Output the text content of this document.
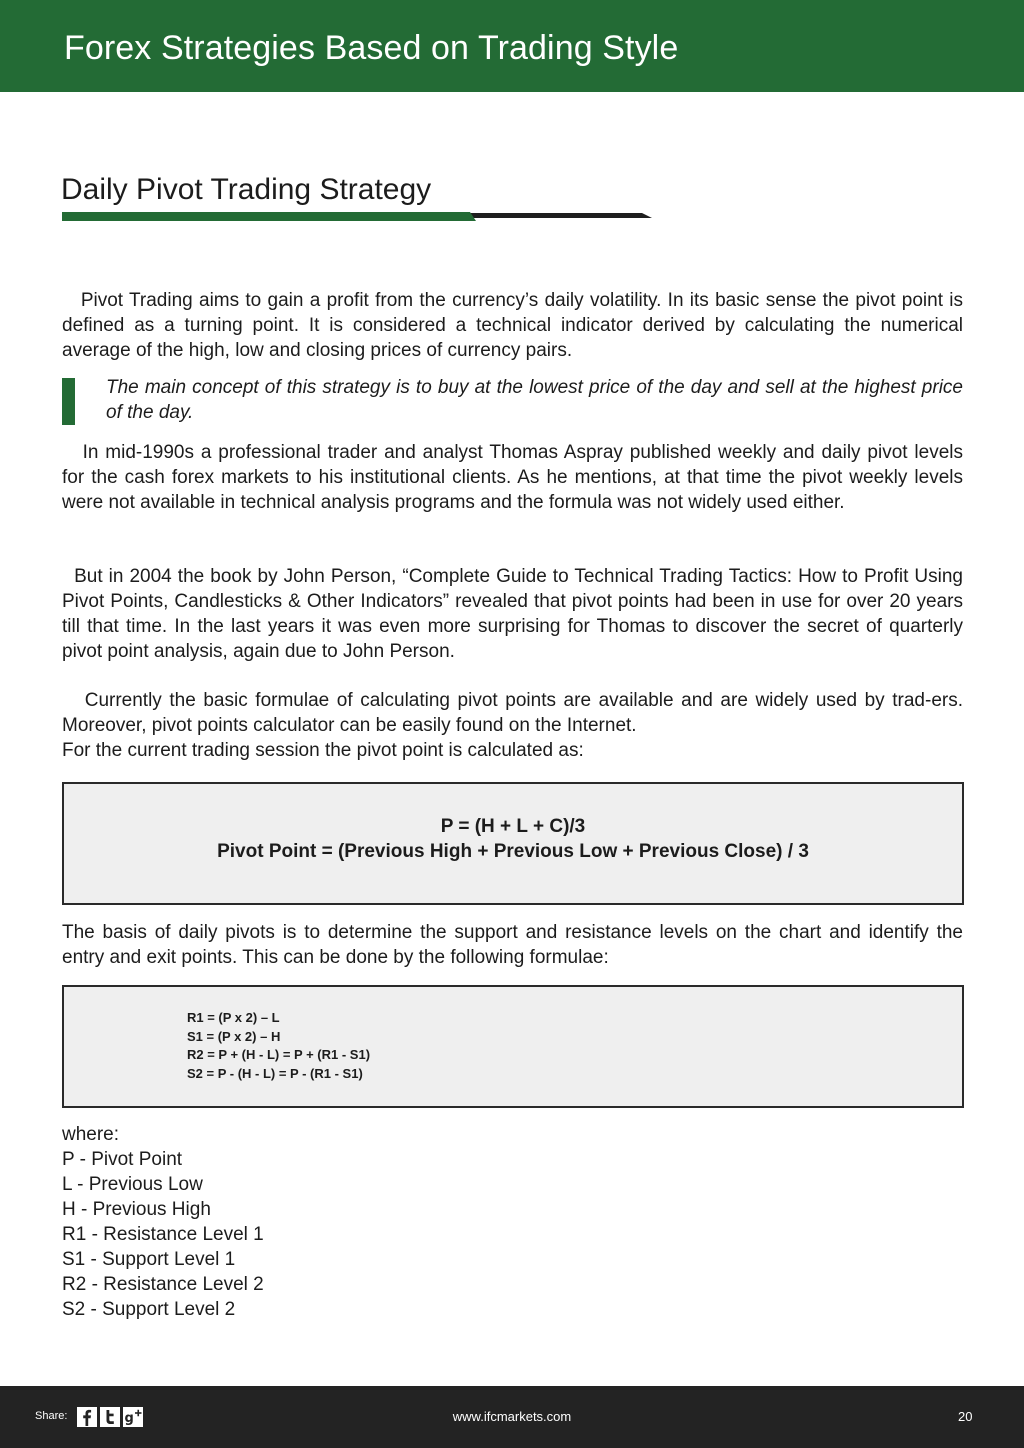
Forex Strategies Based on Trading Style
Daily Pivot Trading Strategy

Pivot Trading aims to gain a profit from the currency’s daily volatility. In its basic sense the pivot point is defined as a turning point. It is considered a technical indicator derived by calculating the numerical average of the high, low and closing prices of currency pairs.

The main concept of this strategy is to buy at the lowest price of the day and sell at the highest price of the day.

In mid-1990s a professional trader and analyst Thomas Aspray published weekly and daily pivot levels for the cash forex markets to his institutional clients. As he mentions, at that time the pivot weekly levels were not available in technical analysis programs and the formula was not widely used either.

But in 2004 the book by John Person, “Complete Guide to Technical Trading Tactics: How to Profit Using Pivot Points, Candlesticks & Other Indicators” revealed that pivot points had been in use for over 20 years till that time. In the last years it was even more surprising for Thomas to discover the secret of quarterly pivot point analysis, again due to John Person.

Currently the basic formulae of calculating pivot points are available and are widely used by trad-ers. Moreover, pivot points calculator can be easily found on the Internet.

For the current trading session the pivot point is calculated as:

P = (H + L + C)/3
Pivot Point = (Previous High + Previous Low + Previous Close) / 3

The basis of daily pivots is to determine the support and resistance levels on the chart and identify the entry and exit points. This can be done by the following formulae:

R1 = (P x 2) – L
S1 = (P x 2) – H
R2 = P + (H - L) = P + (R1 - S1)
S2 = P - (H - L) = P - (R1 - S1)
where:
P - Pivot Point
L - Previous Low
H - Previous High
R1 - Resistance Level 1
S1 - Support Level 1
R2 - Resistance Level 2
S2 - Support Level 2
Share:	g	www.ifcmarkets.com	20
